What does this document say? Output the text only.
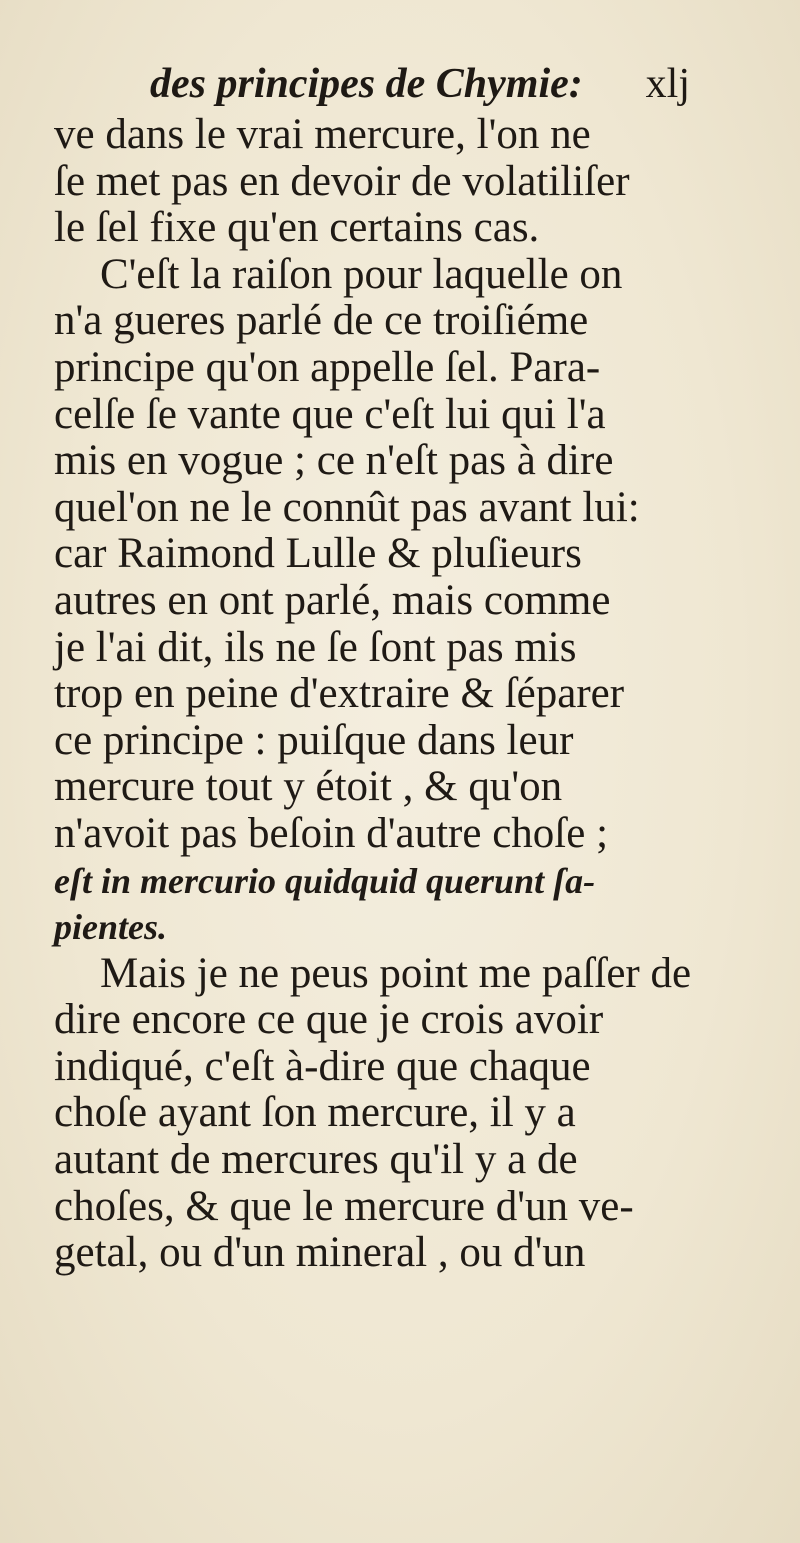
des principes de Chymie: xlj
ve dans le vrai mercure, l'on ne
ſe met pas en devoir de volatiliſer
le ſel fixe qu'en certains cas.
C'eſt la raiſon pour laquelle on
n'a gueres parlé de ce troiſiéme
principe qu'on appelle ſel. Para-
celſe ſe vante que c'eſt lui qui l'a
mis en vogue ; ce n'eſt pas à dire
quel'on ne le connût pas avant lui:
car Raimond Lulle & pluſieurs
autres en ont parlé, mais comme
je l'ai dit, ils ne ſe ſont pas mis
trop en peine d'extraire & ſéparer
ce principe : puiſque dans leur
mercure tout y étoit , & qu'on
n'avoit pas beſoin d'autre choſe ;
eſt in mercurio quidquid querunt ſa-
pientes.
Mais je ne peus point me paſſer de
dire encore ce que je crois avoir
indiqué, c'eſt à-dire que chaque
choſe ayant ſon mercure, il y a
autant de mercures qu'il y a de
choſes, & que le mercure d'un ve-
getal, ou d'un mineral , ou d'un
